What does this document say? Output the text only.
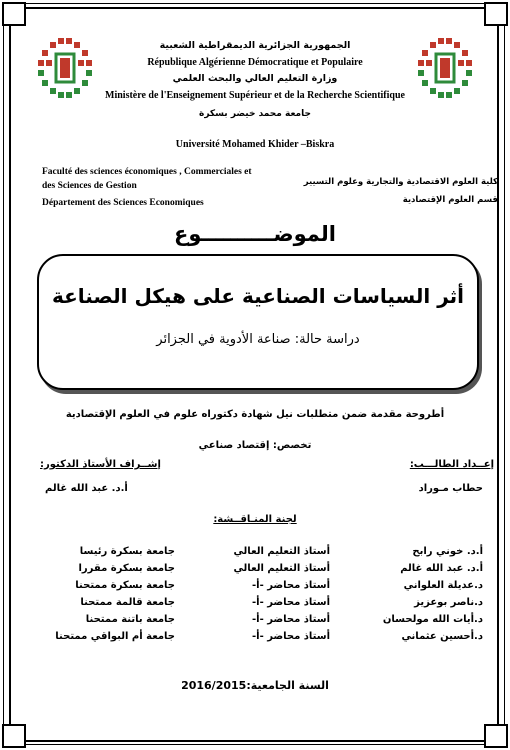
الجمهورية الجزائرية الديمقراطية الشعبية
République Algérienne Démocratique et Populaire
وزارة التعليم العالي والبحث العلمي
Ministère de l'Enseignement Supérieur et de la Recherche Scientifique
جامعة محمد خيضر بسكرة
Université Mohamed Khider –Biskra
Faculté des sciences économiques , Commerciales et
des Sciences de Gestion
Département des Sciences Economiques
كلية العلوم الاقتصادية والتجارية وعلوم التسيير
قسم العلوم الإقتصادية
الموضــــــــــوع
أثر السياسات الصناعية على هيكل الصناعة
دراسة حالة: صناعة الأدوية في الجزائر
أطروحة مقدمة ضمن متطلبات نيل شهادة دكتوراه علوم في العلوم الإقتصادية
تخصص: إقتصاد صناعي
إعــداد الطالـــب:
إشــراف الأستاذ الدكتور:
حطاب مـوراد
أ.د. عبد الله غالم
لجنة المنـاقــشة:
أ.د. خوني رابح
أستاذ التعليم العالي
جامعة بسكرة رئيسا
أ.د. عبد الله غالم
أستاذ التعليم العالي
جامعة بسكرة مقررا
د.عديلة العلواني
أستاذ محاضر -أ-
جامعة بسكرة ممتحنا
د.ناصر بوعزيز
أستاذ محاضر -أ-
جامعة قالمة ممتحنا
د.أيات الله مولحسان
أستاذ محاضر -أ-
جامعة باتنة ممتحنا
د.أحسين عثماني
أستاذ محاضر -أ-
جامعة أم البواقي ممتحنا
السنة الجامعية:2016/2015
